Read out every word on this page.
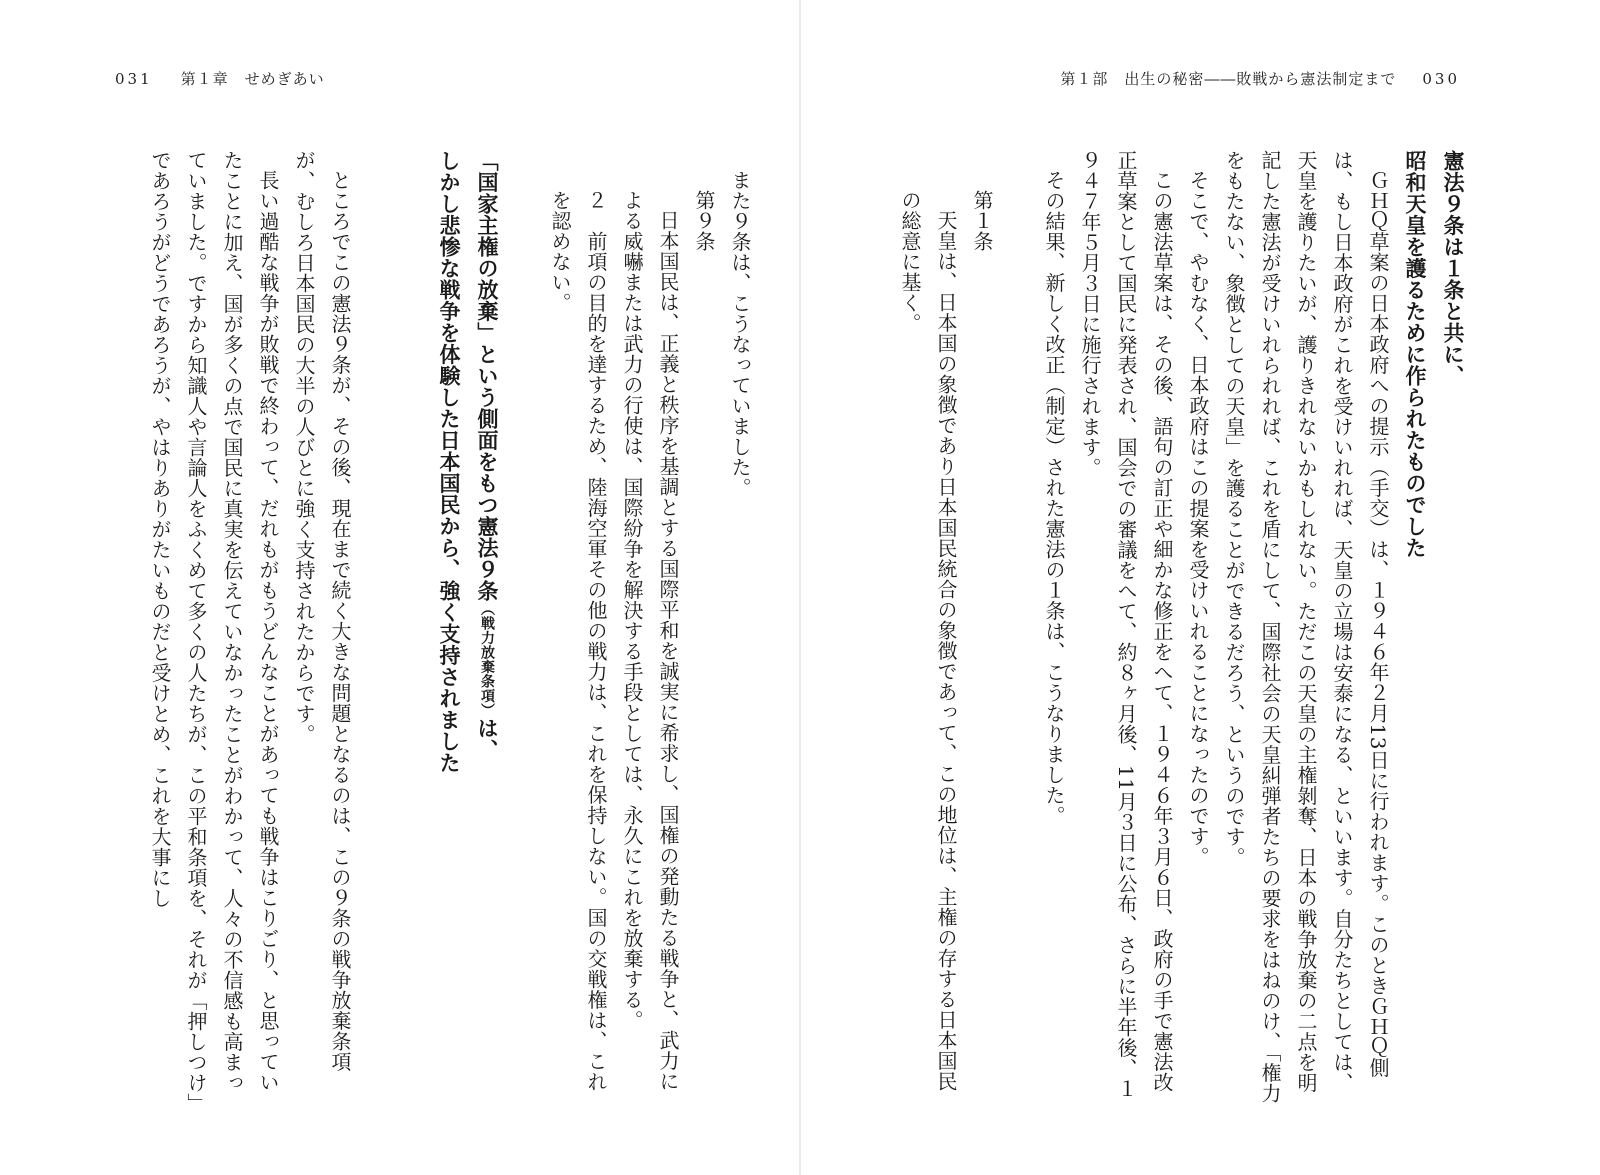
031 第１章　せめぎあい

また９条は、こうなっていました。

第９条

日本国民は、正義と秩序を基調とする国際平和を誠実に希求し、国権の発動たる戦争と、武力による威嚇または武力の行使は、国際紛争を解決する手段としては、永久にこれを放棄する。

２　前項の目的を達するため、陸海空軍その他の戦力は、これを保持しない。国の交戦権は、これを認めない。

「国家主権の放棄」という側面をもつ憲法９条（戦力放棄条項）は、

しかし悲惨な戦争を体験した日本国民から、強く支持されました

ところでこの憲法９条が、その後、現在まで続く大きな問題となるのは、この９条の戦争放棄条項が、むしろ日本国民の大半の人びとに強く支持されたからです。

長い過酷な戦争が敗戦で終わって、だれもがもうどんなことがあっても戦争はこりごり、と思っていたことに加え、国が多くの点で国民に真実を伝えていなかったことがわかって、人々の不信感も高まっていました。ですから知識人や言論人をふくめて多くの人たちが、この平和条項を、それが「押しつけ」であろうがどうであろうが、やはりありがたいものだと受けとめ、これを大事にし

第１部　出生の秘密――敗戦から憲法制定まで 030

憲法９条は１条と共に、

昭和天皇を護るために作られたものでした

ＧＨＱ草案の日本政府への提示（手交）は、１９４６年２月13日に行われます。このときＧＨＱ側は、もし日本政府がこれを受けいれれば、天皇の立場は安泰になる、といいます。自分たちとしては、天皇を護りたいが、護りきれないかもしれない。ただこの天皇の主権剝奪、日本の戦争放棄の二点を明記した憲法が受けいれられれば、これを盾にして、国際社会の天皇糾弾者たちの要求をはねのけ、「権力をもたない、象徴としての天皇」を護ることができるだろう、というのです。

そこで、やむなく、日本政府はこの提案を受けいれることになったのです。

この憲法草案は、その後、語句の訂正や細かな修正をへて、１９４６年３月６日、政府の手で憲法改正草案として国民に発表され、国会での審議をへて、約８ヶ月後、11月３日に公布、さらに半年後、１９４７年５月３日に施行されます。

その結果、新しく改正（制定）された憲法の１条は、こうなりました。

第１条

天皇は、日本国の象徴であり日本国民統合の象徴であって、この地位は、主権の存する日本国民の総意に基く。
